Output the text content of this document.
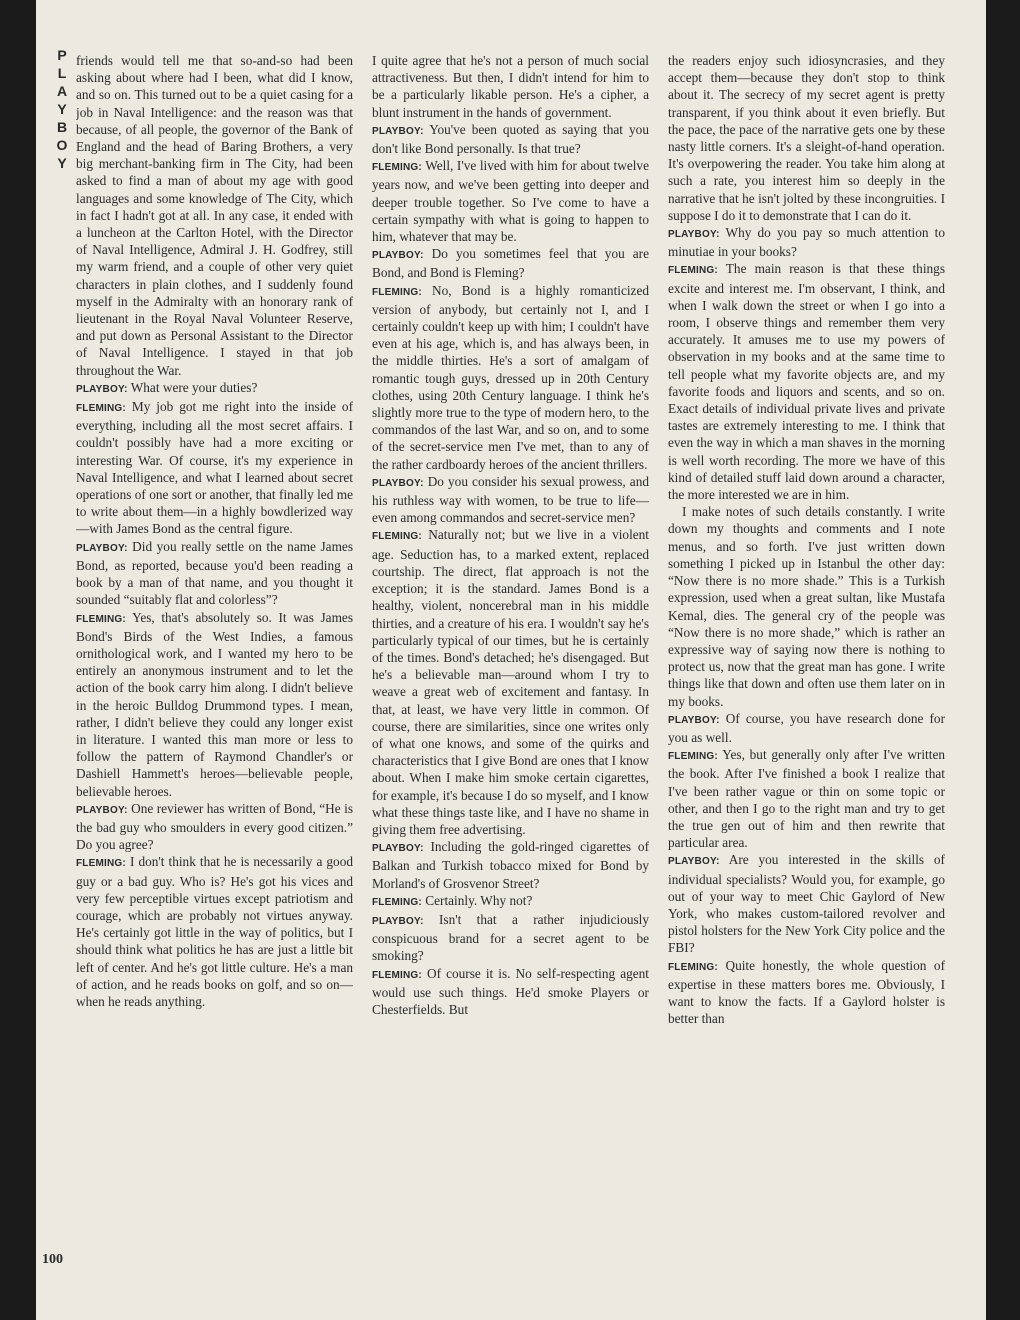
P
L
A
Y
B
O
Y

friends would tell me that so-and-so had been asking about where had I been, what did I know, and so on. This turned out to be a quiet casing for a job in Naval Intelligence: and the reason was that because, of all people, the governor of the Bank of England and the head of Baring Brothers, a very big merchant-banking firm in The City, had been asked to find a man of about my age with good languages and some knowledge of The City, which in fact I hadn't got at all. In any case, it ended with a luncheon at the Carlton Hotel, with the Director of Naval Intelligence, Admiral J. H. Godfrey, still my warm friend, and a couple of other very quiet characters in plain clothes, and I suddenly found myself in the Admiralty with an honorary rank of lieutenant in the Royal Naval Volunteer Reserve, and put down as Personal Assistant to the Director of Naval Intelligence. I stayed in that job throughout the War.

PLAYBOY: What were your duties?

FLEMING: My job got me right into the inside of everything, including all the most secret affairs. I couldn't possibly have had a more exciting or interesting War. Of course, it's my experience in Naval Intelligence, and what I learned about secret operations of one sort or another, that finally led me to write about them—in a highly bowdlerized way—with James Bond as the central figure.

PLAYBOY: Did you really settle on the name James Bond, as reported, because you'd been reading a book by a man of that name, and you thought it sounded “suitably flat and colorless”?

FLEMING: Yes, that's absolutely so. It was James Bond's Birds of the West Indies, a famous ornithological work, and I wanted my hero to be entirely an anonymous instrument and to let the action of the book carry him along. I didn't believe in the heroic Bulldog Drummond types. I mean, rather, I didn't believe they could any longer exist in literature. I wanted this man more or less to follow the pattern of Raymond Chandler's or Dashiell Hammett's heroes—believable people, believable heroes.

PLAYBOY: One reviewer has written of Bond, “He is the bad guy who smoulders in every good citizen.” Do you agree?

FLEMING: I don't think that he is necessarily a good guy or a bad guy. Who is? He's got his vices and very few perceptible virtues except patriotism and courage, which are probably not virtues anyway. He's certainly got little in the way of politics, but I should think what politics he has are just a little bit left of center. And he's got little culture. He's a man of action, and he reads books on golf, and so on—when he reads anything.

I quite agree that he's not a person of much social attractiveness. But then, I didn't intend for him to be a particularly likable person. He's a cipher, a blunt instrument in the hands of government.

PLAYBOY: You've been quoted as saying that you don't like Bond personally. Is that true?

FLEMING: Well, I've lived with him for about twelve years now, and we've been getting into deeper and deeper trouble together. So I've come to have a certain sympathy with what is going to happen to him, whatever that may be.

PLAYBOY: Do you sometimes feel that you are Bond, and Bond is Fleming?

FLEMING: No, Bond is a highly romanticized version of anybody, but certainly not I, and I certainly couldn't keep up with him; I couldn't have even at his age, which is, and has always been, in the middle thirties. He's a sort of amalgam of romantic tough guys, dressed up in 20th Century clothes, using 20th Century language. I think he's slightly more true to the type of modern hero, to the commandos of the last War, and so on, and to some of the secret-service men I've met, than to any of the rather cardboardy heroes of the ancient thrillers.

PLAYBOY: Do you consider his sexual prowess, and his ruthless way with women, to be true to life—even among commandos and secret-service men?

FLEMING: Naturally not; but we live in a violent age. Seduction has, to a marked extent, replaced courtship. The direct, flat approach is not the exception; it is the standard. James Bond is a healthy, violent, noncerebral man in his middle thirties, and a creature of his era. I wouldn't say he's particularly typical of our times, but he is certainly of the times. Bond's detached; he's disengaged. But he's a believable man—around whom I try to weave a great web of excitement and fantasy. In that, at least, we have very little in common. Of course, there are similarities, since one writes only of what one knows, and some of the quirks and characteristics that I give Bond are ones that I know about. When I make him smoke certain cigarettes, for example, it's because I do so myself, and I know what these things taste like, and I have no shame in giving them free advertising.

PLAYBOY: Including the gold-ringed cigarettes of Balkan and Turkish tobacco mixed for Bond by Morland's of Grosvenor Street?

FLEMING: Certainly. Why not?

PLAYBOY: Isn't that a rather injudiciously conspicuous brand for a secret agent to be smoking?

FLEMING: Of course it is. No self-respecting agent would use such things. He'd smoke Players or Chesterfields. But

the readers enjoy such idiosyncrasies, and they accept them—because they don't stop to think about it. The secrecy of my secret agent is pretty transparent, if you think about it even briefly. But the pace, the pace of the narrative gets one by these nasty little corners. It's a sleight-of-hand operation. It's overpowering the reader. You take him along at such a rate, you interest him so deeply in the narrative that he isn't jolted by these incongruities. I suppose I do it to demonstrate that I can do it.

PLAYBOY: Why do you pay so much attention to minutiae in your books?

FLEMING: The main reason is that these things excite and interest me. I'm observant, I think, and when I walk down the street or when I go into a room, I observe things and remember them very accurately. It amuses me to use my powers of observation in my books and at the same time to tell people what my favorite objects are, and my favorite foods and liquors and scents, and so on. Exact details of individual private lives and private tastes are extremely interesting to me. I think that even the way in which a man shaves in the morning is well worth recording. The more we have of this kind of detailed stuff laid down around a character, the more interested we are in him.

I make notes of such details constantly. I write down my thoughts and comments and I note menus, and so forth. I've just written down something I picked up in Istanbul the other day: “Now there is no more shade.” This is a Turkish expression, used when a great sultan, like Mustafa Kemal, dies. The general cry of the people was “Now there is no more shade,” which is rather an expressive way of saying now there is nothing to protect us, now that the great man has gone. I write things like that down and often use them later on in my books.

PLAYBOY: Of course, you have research done for you as well.

FLEMING: Yes, but generally only after I've written the book. After I've finished a book I realize that I've been rather vague or thin on some topic or other, and then I go to the right man and try to get the true gen out of him and then rewrite that particular area.

PLAYBOY: Are you interested in the skills of individual specialists? Would you, for example, go out of your way to meet Chic Gaylord of New York, who makes custom-tailored revolver and pistol holsters for the New York City police and the FBI?

FLEMING: Quite honestly, the whole question of expertise in these matters bores me. Obviously, I want to know the facts. If a Gaylord holster is better than

100
